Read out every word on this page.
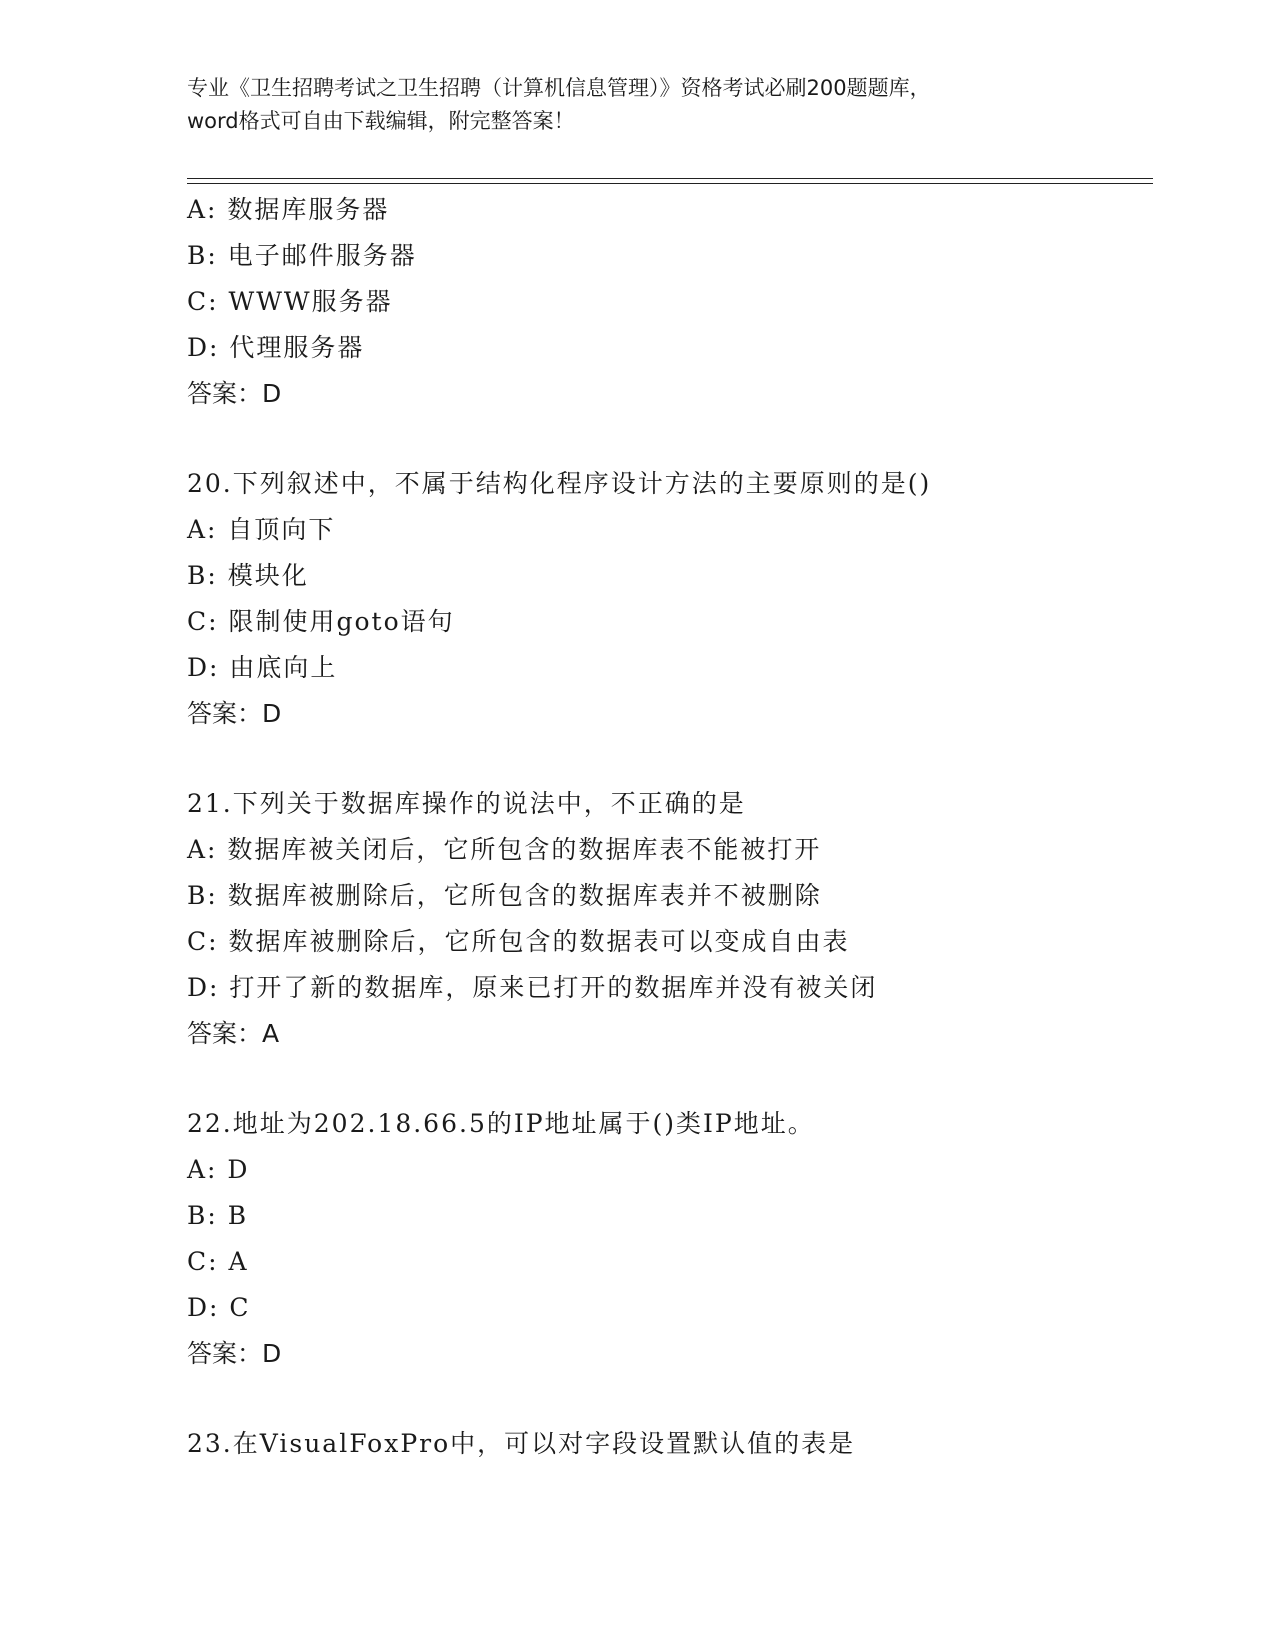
专业《卫生招聘考试之卫生招聘（计算机信息管理）》资格考试必刷200题题库，
word格式可自由下载编辑，附完整答案！
A: 数据库服务器
B: 电子邮件服务器
C: WWW服务器
D: 代理服务器
答案：D
20.下列叙述中，不属于结构化程序设计方法的主要原则的是()
A: 自顶向下
B: 模块化
C: 限制使用goto语句
D: 由底向上
答案：D
21.下列关于数据库操作的说法中，不正确的是
A: 数据库被关闭后，它所包含的数据库表不能被打开
B: 数据库被删除后，它所包含的数据库表并不被删除
C: 数据库被删除后，它所包含的数据表可以变成自由表
D: 打开了新的数据库，原来已打开的数据库并没有被关闭
答案：A
22.地址为202.18.66.5的IP地址属于()类IP地址。
A: D
B: B
C: A
D: C
答案：D
23.在VisualFoxPro中，可以对字段设置默认值的表是
